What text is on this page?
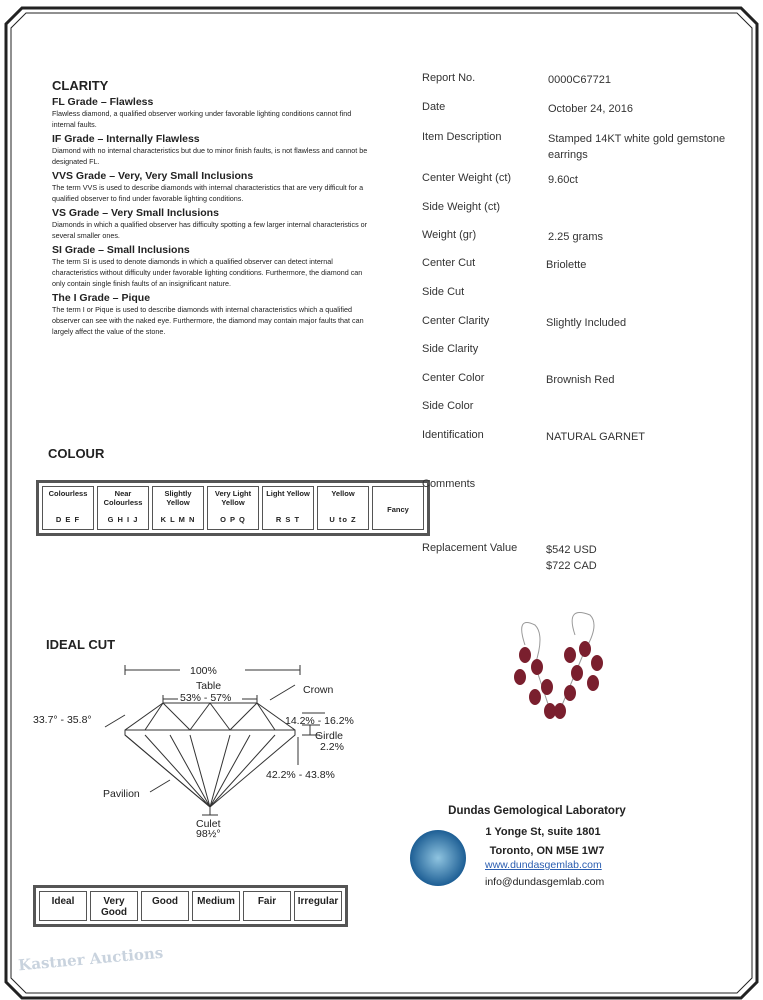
CLARITY
FL Grade – Flawless
Flawless diamond, a qualified observer working under favorable lighting conditions cannot find internal faults.
IF Grade – Internally Flawless
Diamond with no internal characteristics but due to minor finish faults, is not flawless and cannot be designated FL.
VVS Grade – Very, Very Small Inclusions
The term VVS is used to describe diamonds with internal characteristics that are very difficult for a qualified observer to find under favorable lighting conditions.
VS Grade – Very Small Inclusions
Diamonds in which a qualified observer has difficulty spotting a few larger internal characteristics or several smaller ones.
SI Grade – Small Inclusions
The term SI is used to denote diamonds in which a qualified observer can detect internal characteristics without difficulty under favorable lighting conditions. Furthermore, the diamond can only contain single finish faults of an insignificant nature.
The I Grade – Pique
The term I or Pique is used to describe diamonds with internal characteristics which a qualified observer can see with the naked eye. Furthermore, the diamond may contain major faults that can largely affect the value of the stone.
COLOUR
Colourless
D E F

Near Colourless
G H I J

Slightly Yellow
K L M N

Very Light Yellow
O P Q

Light Yellow
R S T

Yellow
U to Z

Fancy
IDEAL CUT
100%
Table
53% - 57%
Crown
33.7° - 35.8°	14.2% - 16.2%
Girdle
2.2%
42.2% - 43.8%
Pavilion
Culet
98½°
Ideal	Very Good	Good	Medium	Fair	Irregular
Report No.	0000C67721
Date	October 24, 2016
Item Description	Stamped 14KT white gold gemstone earrings
Center Weight (ct)	9.60ct
Side Weight (ct)
Weight (gr)	2.25 grams
Center Cut	Briolette
Side Cut
Center Clarity	Slightly Included
Side Clarity
Center Color	Brownish Red
Side Color
Identification	NATURAL GARNET
Comments
Replacement Value	$542 USD
$722 CAD
Dundas Gemological Laboratory
1 Yonge St, suite 1801
Toronto, ON M5E 1W7
www.dundasgemlab.com
info@dundasgemlab.com
Kastner Auctions
